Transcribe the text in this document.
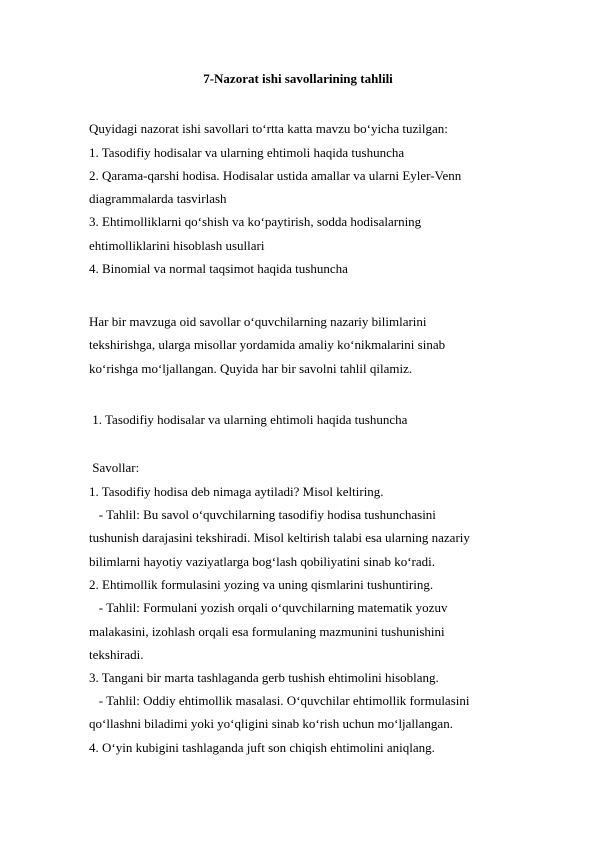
7-Nazorat ishi savollarining tahlili
Quyidagi nazorat ishi savollari to‘rtta katta mavzu bo‘yicha tuzilgan:
1. Tasodifiy hodisalar va ularning ehtimoli haqida tushuncha
2. Qarama-qarshi hodisa. Hodisalar ustida amallar va ularni Eyler-Venn
diagrammalarda tasvirlash
3. Ehtimolliklarni qo‘shish va ko‘paytirish, sodda hodisalarning
ehtimolliklarini hisoblash usullari
4. Binomial va normal taqsimot haqida tushuncha
Har bir mavzuga oid savollar o‘quvchilarning nazariy bilimlarini
tekshirishga, ularga misollar yordamida amaliy ko‘nikmalarini sinab
ko‘rishga mo‘ljallangan. Quyida har bir savolni tahlil qilamiz.
1. Tasodifiy hodisalar va ularning ehtimoli haqida tushuncha
Savollar:
1. Tasodifiy hodisa deb nimaga aytiladi? Misol keltiring.
- Tahlil: Bu savol o‘quvchilarning tasodifiy hodisa tushunchasini
tushunish darajasini tekshiradi. Misol keltirish talabi esa ularning nazariy
bilimlarni hayotiy vaziyatlarga bog‘lash qobiliyatini sinab ko‘radi.
2. Ehtimollik formulasini yozing va uning qismlarini tushuntiring.
- Tahlil: Formulani yozish orqali o‘quvchilarning matematik yozuv
malakasini, izohlash orqali esa formulaning mazmunini tushunishini
tekshiradi.
3. Tangani bir marta tashlaganda gerb tushish ehtimolini hisoblang.
- Tahlil: Oddiy ehtimollik masalasi. O‘quvchilar ehtimollik formulasini
qo‘llashni biladimi yoki yo‘qligini sinab ko‘rish uchun mo‘ljallangan.
4. O‘yin kubigini tashlaganda juft son chiqish ehtimolini aniqlang.
